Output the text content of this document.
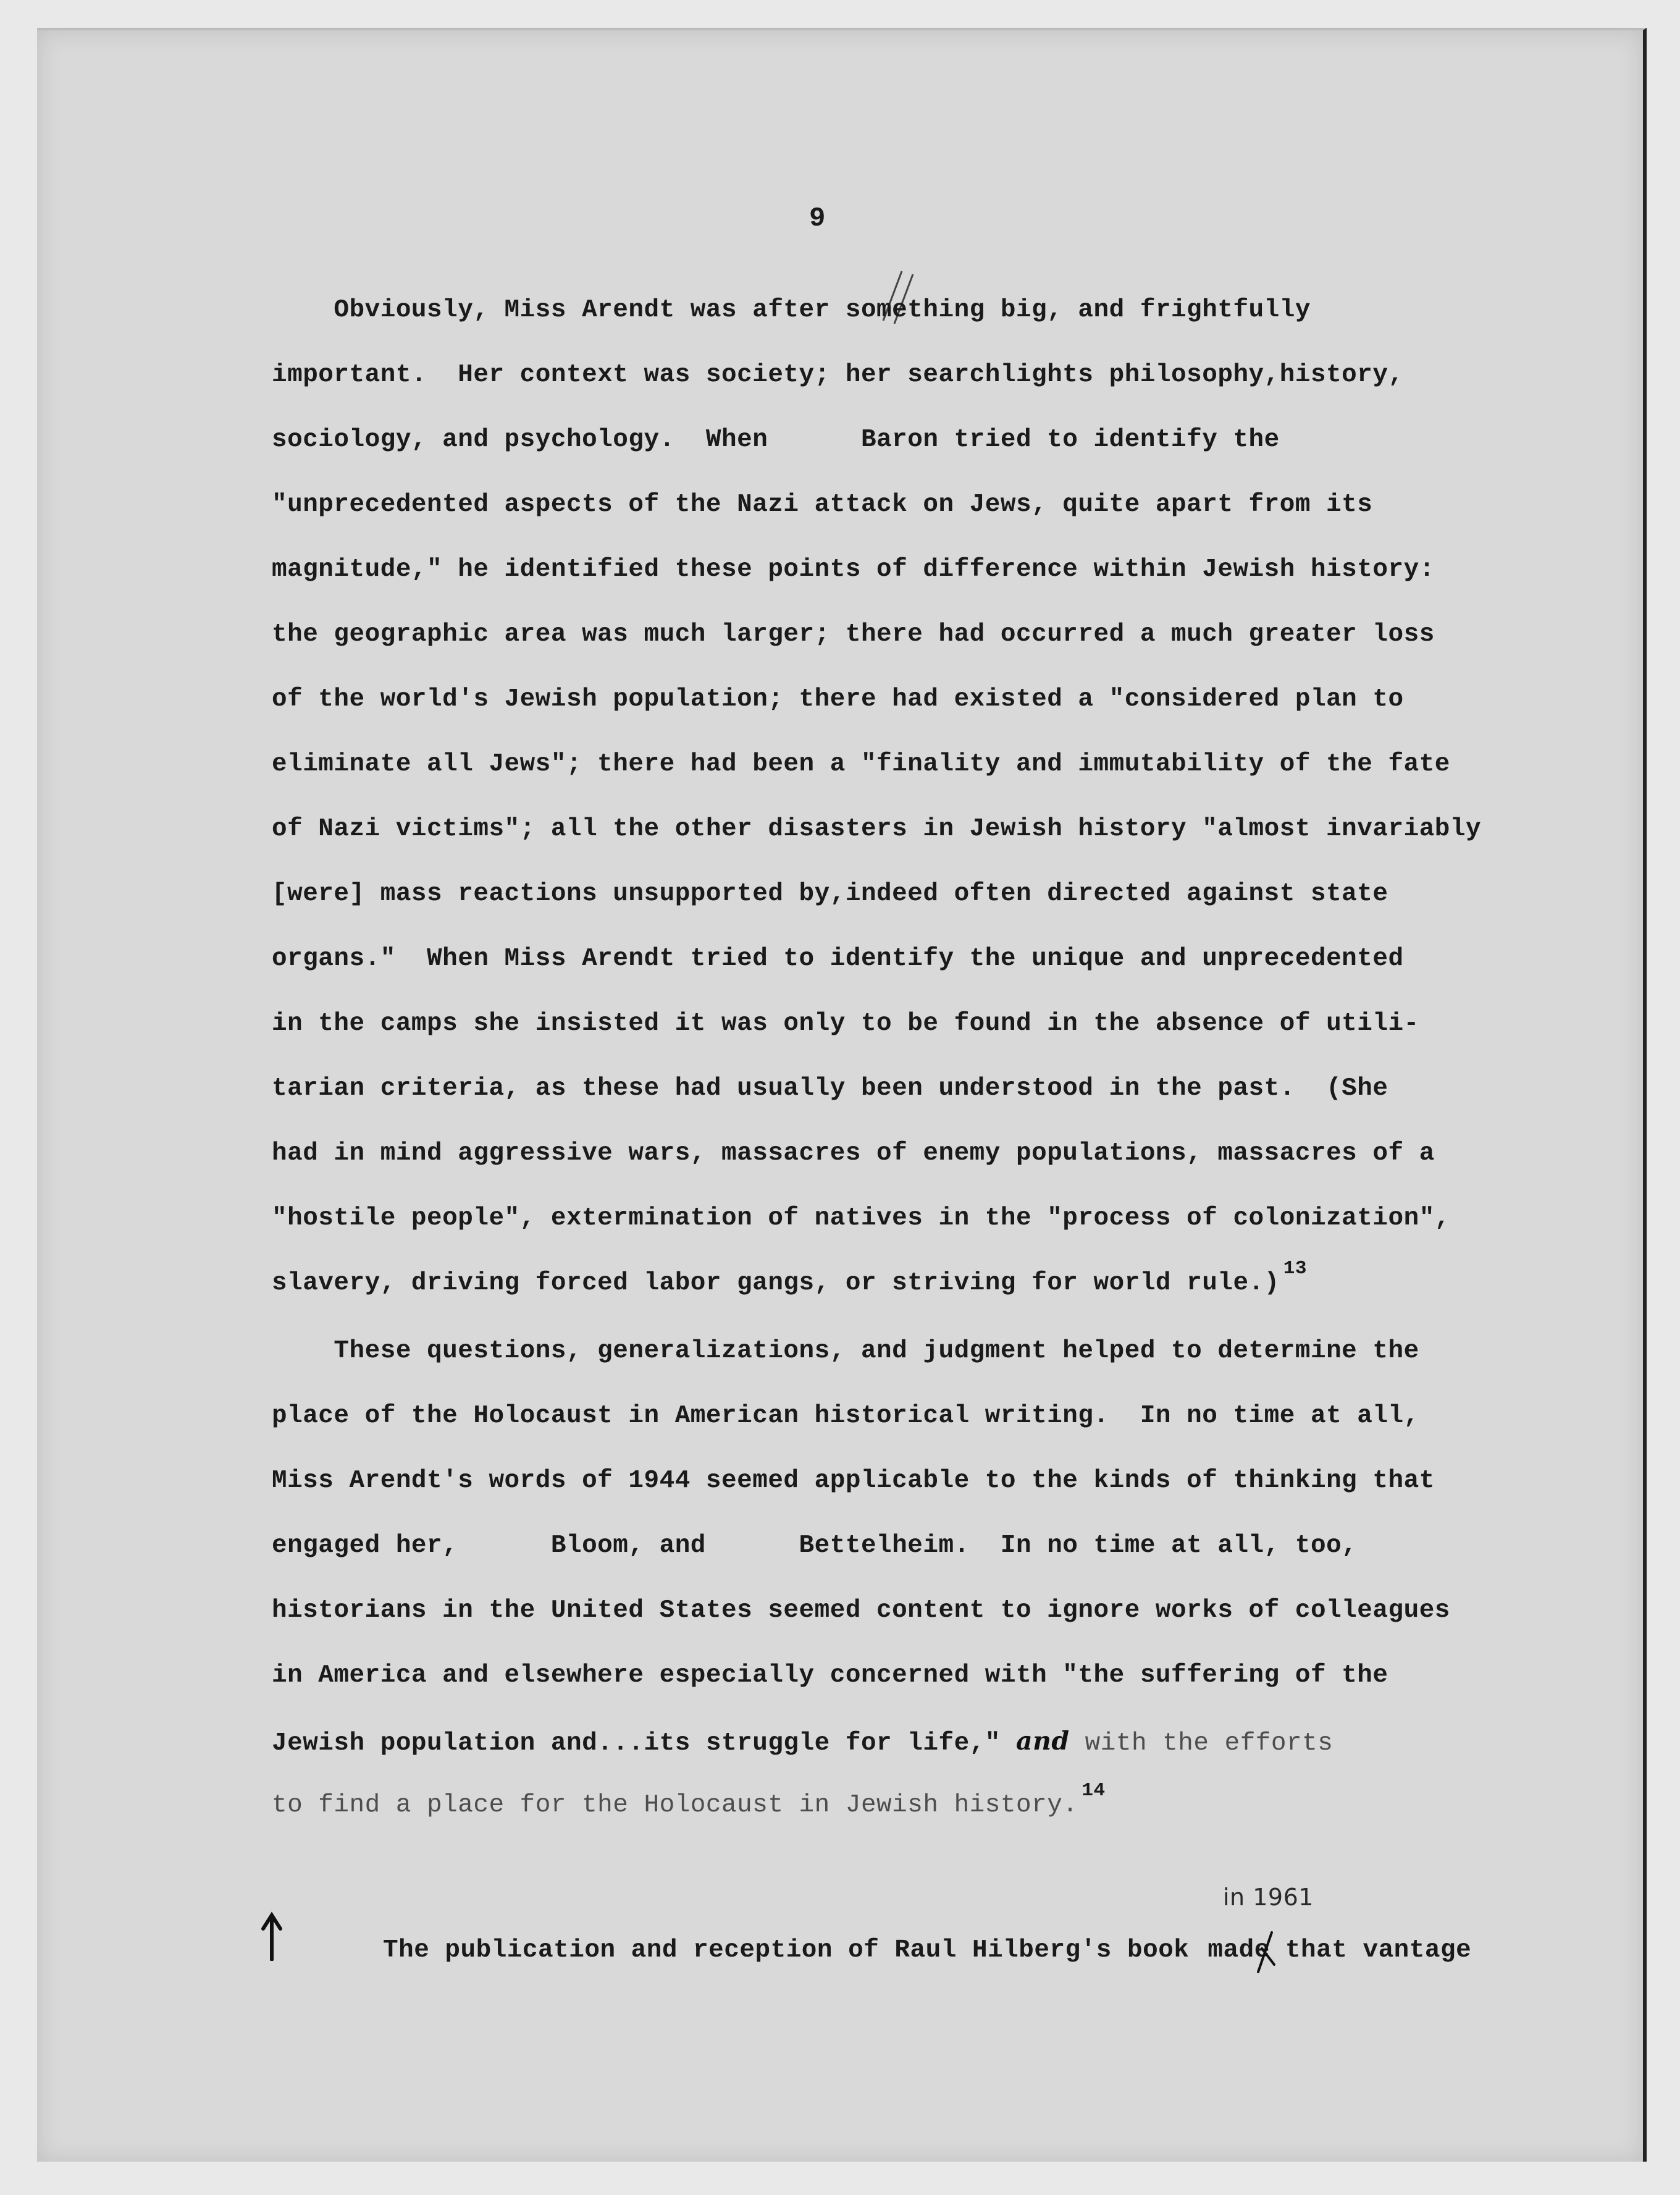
9
Obviously, Miss Arendt was after something big, and frightfully
important.  Her context was society; her searchlights philosophy,history,
sociology, and psychology.  When      Baron tried to identify the
"unprecedented aspects of the Nazi attack on Jews, quite apart from its
magnitude," he identified these points of difference within Jewish history:
the geographic area was much larger; there had occurred a much greater loss
of the world's Jewish population; there had existed a "considered plan to
eliminate all Jews"; there had been a "finality and immutability of the fate
of Nazi victims"; all the other disasters in Jewish history "almost invariably
[were] mass reactions unsupported by,indeed often directed against state
organs."  When Miss Arendt tried to identify the unique and unprecedented
in the camps she insisted it was only to be found in the absence of utili-
tarian criteria, as these had usually been understood in the past.  (She
had in mind aggressive wars, massacres of enemy populations, massacres of a
"hostile people", extermination of natives in the "process of colonization",
slavery, driving forced labor gangs, or striving for world rule.)$^{13}$
These questions, generalizations, and judgment helped to determine the
place of the Holocaust in American historical writing.  In no time at all,
Miss Arendt's words of 1944 seemed applicable to the kinds of thinking that
engaged her,      Bloom, and      Bettelheim.  In no time at all, too,
historians in the United States seemed content to ignore works of colleagues
in America and elsewhere especially concerned with "the suffering of the
Jewish population and...its struggle for life," and with the efforts
to find a place for the Holocaust in Jewish history.$^{14}$
in 1961
The publication and reception of Raul Hilberg's book made that vantage
